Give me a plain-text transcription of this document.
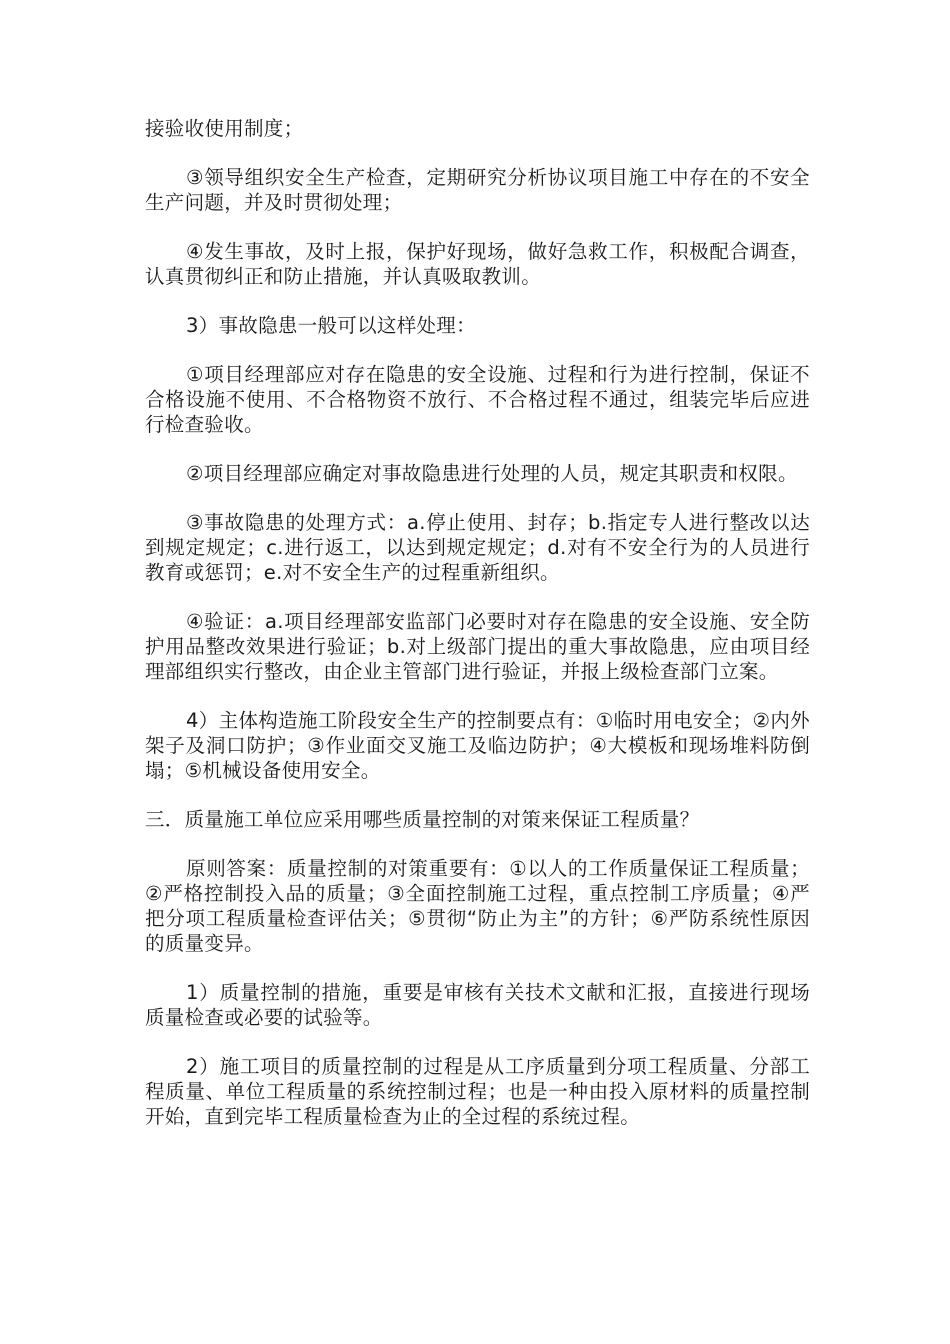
接验收使用制度；

③领导组织安全生产检查，定期研究分析协议项目施工中存在的不安全生产问题，并及时贯彻处理；

④发生事故，及时上报，保护好现场，做好急救工作，积极配合调查，认真贯彻纠正和防止措施，并认真吸取教训。

3）事故隐患一般可以这样处理：

①项目经理部应对存在隐患的安全设施、过程和行为进行控制，保证不合格设施不使用、不合格物资不放行、不合格过程不通过，组装完毕后应进行检查验收。

②项目经理部应确定对事故隐患进行处理的人员，规定其职责和权限。

③事故隐患的处理方式：a.停止使用、封存；b.指定专人进行整改以达到规定规定；c.进行返工，以达到规定规定；d.对有不安全行为的人员进行教育或惩罚；e.对不安全生产的过程重新组织。

④验证：a.项目经理部安监部门必要时对存在隐患的安全设施、安全防护用品整改效果进行验证；b.对上级部门提出的重大事故隐患，应由项目经理部组织实行整改，由企业主管部门进行验证，并报上级检查部门立案。

4）主体构造施工阶段安全生产的控制要点有：①临时用电安全；②内外架子及洞口防护；③作业面交叉施工及临边防护；④大模板和现场堆料防倒塌；⑤机械设备使用安全。

三．质量施工单位应采用哪些质量控制的对策来保证工程质量？

原则答案：质量控制的对策重要有：①以人的工作质量保证工程质量；②严格控制投入品的质量；③全面控制施工过程，重点控制工序质量；④严把分项工程质量检查评估关；⑤贯彻“防止为主”的方针；⑥严防系统性原因的质量变异。

1）质量控制的措施，重要是审核有关技术文献和汇报，直接进行现场质量检查或必要的试验等。

2）施工项目的质量控制的过程是从工序质量到分项工程质量、分部工程质量、单位工程质量的系统控制过程；也是一种由投入原材料的质量控制开始，直到完毕工程质量检查为止的全过程的系统过程。
